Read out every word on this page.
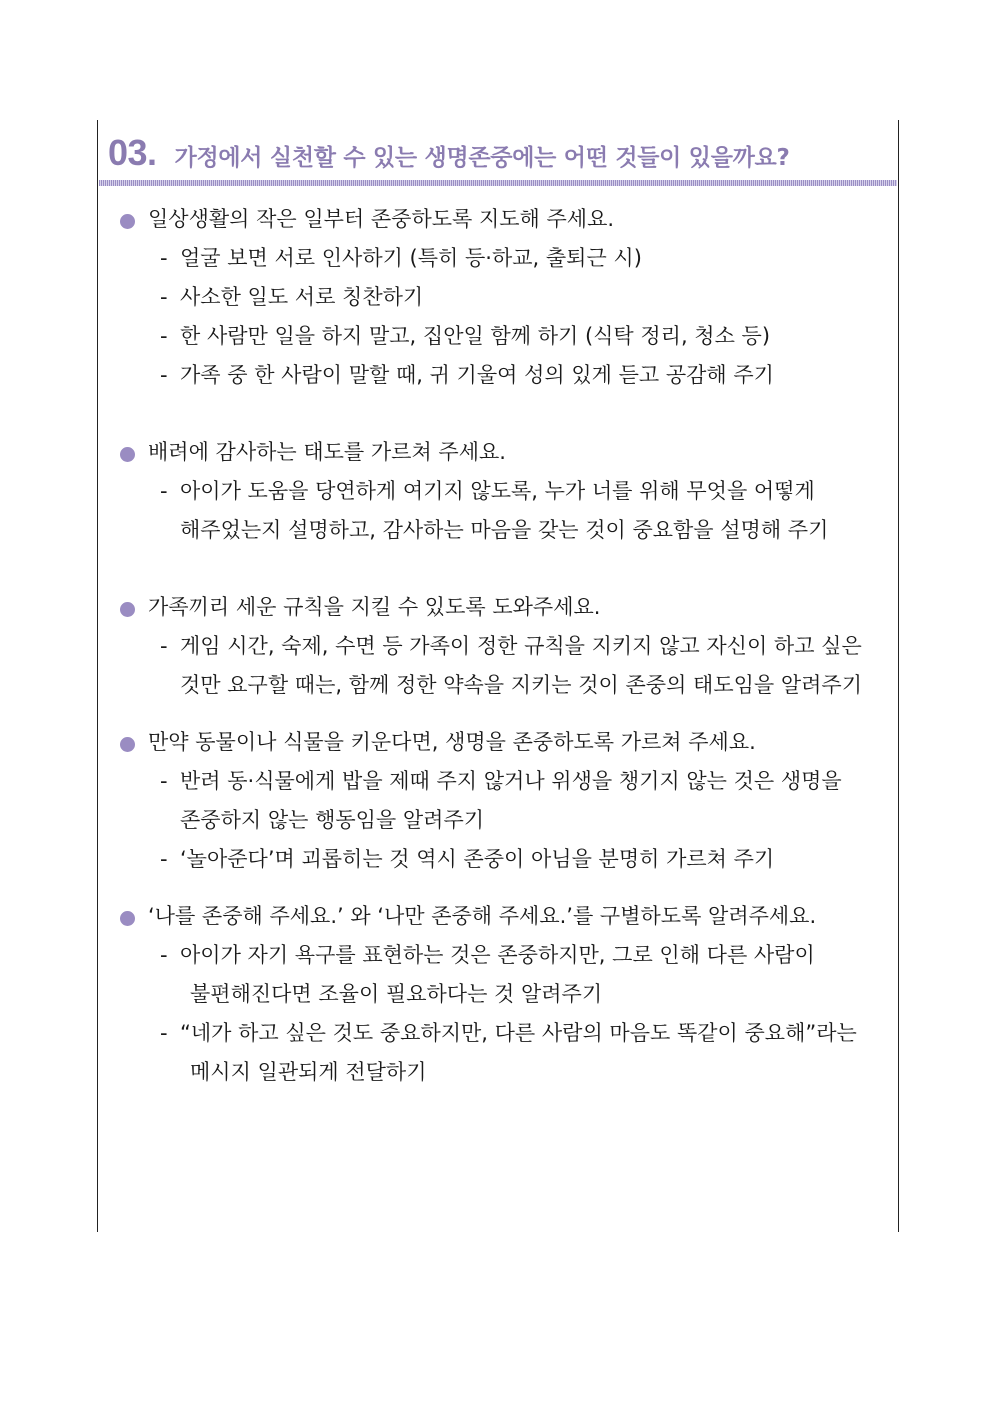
03. 가정에서 실천할 수 있는 생명존중에는 어떤 것들이 있을까요?
일상생활의 작은 일부터 존중하도록 지도해 주세요.
- 얼굴 보면 서로 인사하기 (특히 등·하교, 출퇴근 시)
- 사소한 일도 서로 칭찬하기
- 한 사람만 일을 하지 말고, 집안일 함께 하기 (식탁 정리, 청소 등)
- 가족 중 한 사람이 말할 때, 귀 기울여 성의 있게 듣고 공감해 주기
배려에 감사하는 태도를 가르쳐 주세요.
- 아이가 도움을 당연하게 여기지 않도록, 누가 너를 위해 무엇을 어떻게
해주었는지 설명하고, 감사하는 마음을 갖는 것이 중요함을 설명해 주기
가족끼리 세운 규칙을 지킬 수 있도록 도와주세요.
- 게임 시간, 숙제, 수면 등 가족이 정한 규칙을 지키지 않고 자신이 하고 싶은
것만 요구할 때는, 함께 정한 약속을 지키는 것이 존중의 태도임을 알려주기
만약 동물이나 식물을 키운다면, 생명을 존중하도록 가르쳐 주세요.
- 반려 동·식물에게 밥을 제때 주지 않거나 위생을 챙기지 않는 것은 생명을
존중하지 않는 행동임을 알려주기
- ‘놀아준다’며 괴롭히는 것 역시 존중이 아님을 분명히 가르쳐 주기
‘나를 존중해 주세요.’ 와 ‘나만 존중해 주세요.’를 구별하도록 알려주세요.
- 아이가 자기 욕구를 표현하는 것은 존중하지만, 그로 인해 다른 사람이
불편해진다면 조율이 필요하다는 것 알려주기
- “네가 하고 싶은 것도 중요하지만, 다른 사람의 마음도 똑같이 중요해”라는
메시지 일관되게 전달하기
